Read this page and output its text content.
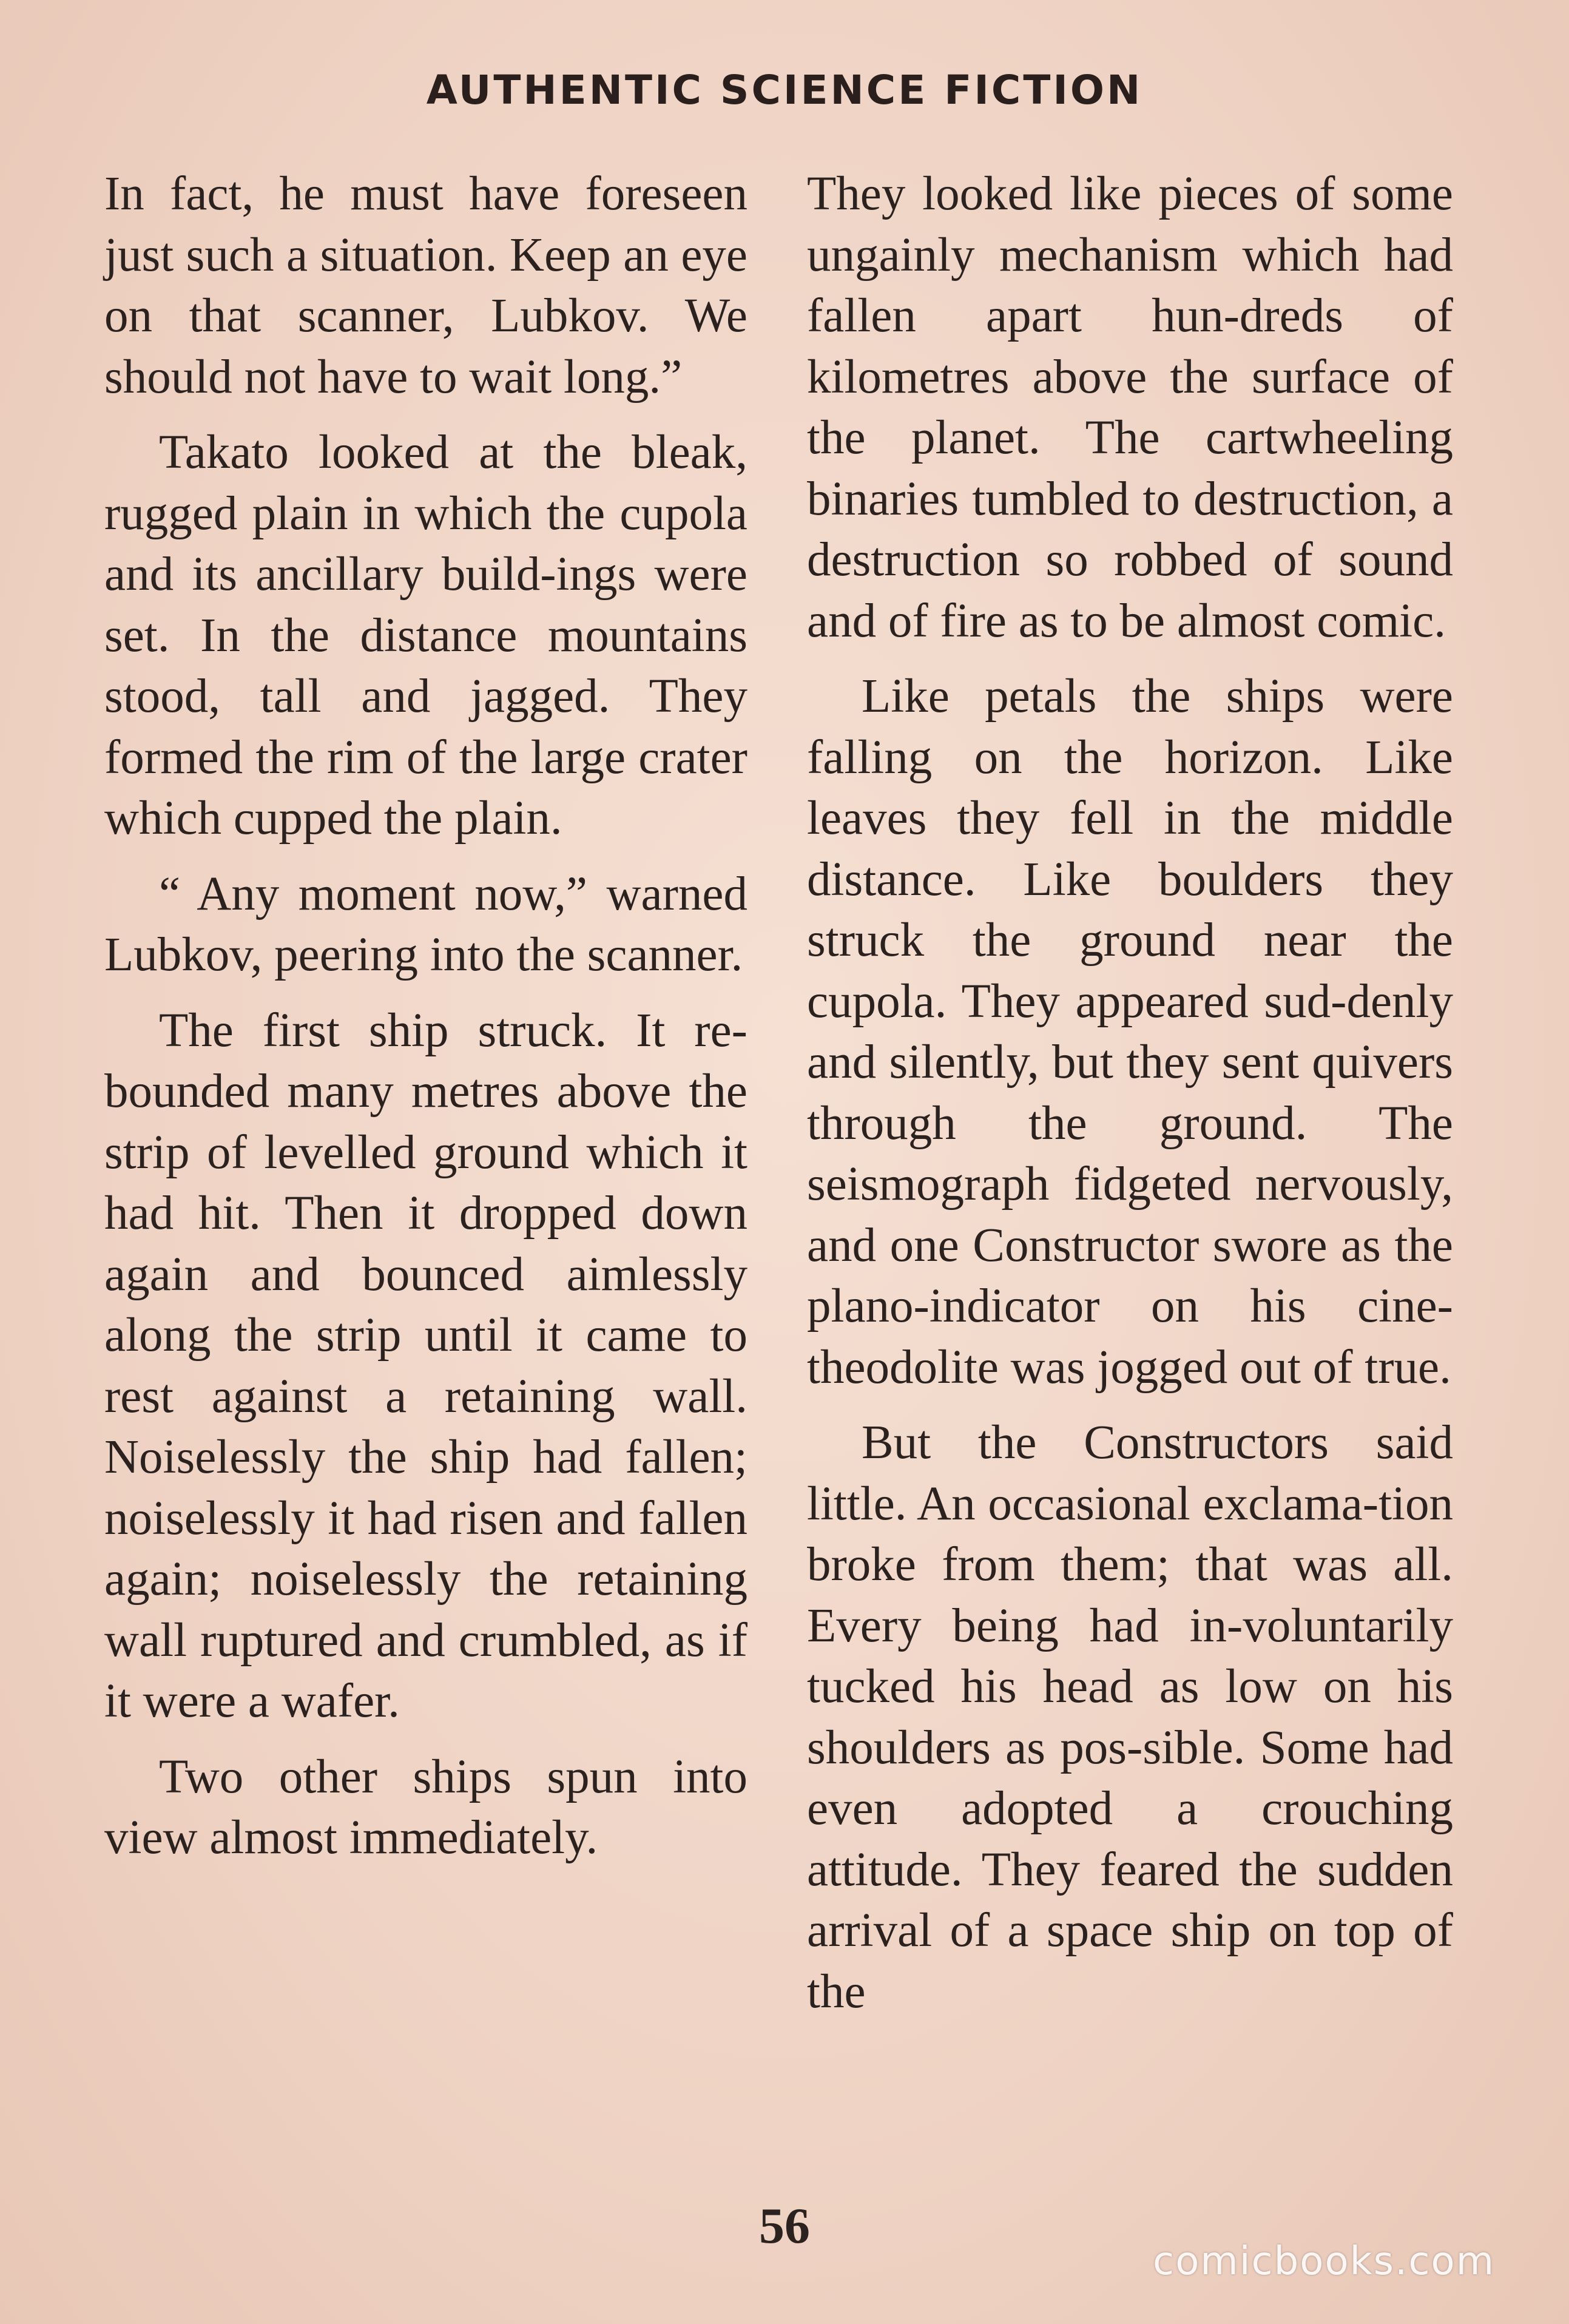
AUTHENTIC SCIENCE FICTION

In fact, he must have foreseen just such a situation. Keep an eye on that scanner, Lubkov. We should not have to wait long.”

Takato looked at the bleak, rugged plain in which the cupola and its ancillary build-ings were set. In the distance mountains stood, tall and jagged. They formed the rim of the large crater which cupped the plain.

“ Any moment now,” warned Lubkov, peering into the scanner.

The first ship struck. It re-bounded many metres above the strip of levelled ground which it had hit. Then it dropped down again and bounced aimlessly along the strip until it came to rest against a retaining wall. Noiselessly the ship had fallen; noiselessly it had risen and fallen again; noiselessly the retaining wall ruptured and crumbled, as if it were a wafer.

Two other ships spun into view almost immediately.

They looked like pieces of some ungainly mechanism which had fallen apart hun-dreds of kilometres above the surface of the planet. The cartwheeling binaries tumbled to destruction, a destruction so robbed of sound and of fire as to be almost comic.

Like petals the ships were falling on the horizon. Like leaves they fell in the middle distance. Like boulders they struck the ground near the cupola. They appeared sud-denly and silently, but they sent quivers through the ground. The seismograph fidgeted nervously, and one Constructor swore as the plano-indicator on his cine-theodolite was jogged out of true.

But the Constructors said little. An occasional exclama-tion broke from them; that was all. Every being had in-voluntarily tucked his head as low on his shoulders as pos-sible. Some had even adopted a crouching attitude. They feared the sudden arrival of a space ship on top of the

56
comicbooks.com
